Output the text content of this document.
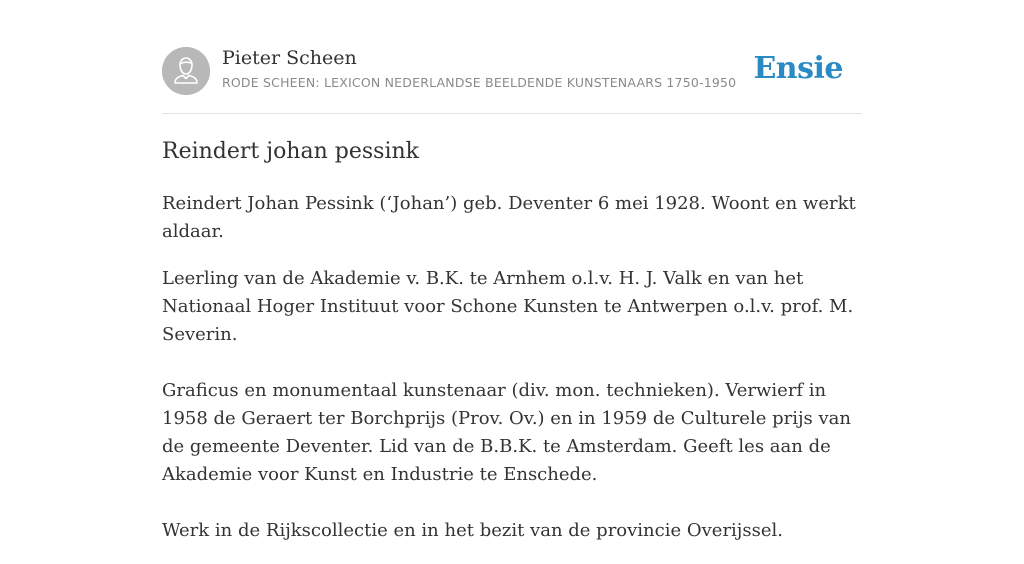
Pieter Scheen
RODE SCHEEN: LEXICON NEDERLANDSE BEELDENDE KUNSTENAARS 1750-1950 Ensie
Reindert johan pessink

Reindert Johan Pessink (‘Johan’) geb. Deventer 6 mei 1928. Woont en werkt aldaar.

Leerling van de Akademie v. B.K. te Arnhem o.l.v. H. J. Valk en van het Nationaal Hoger Instituut voor Schone Kunsten te Antwerpen o.l.v. prof. M. Severin.

Graficus en monumentaal kunstenaar (div. mon. technieken). Verwierf in 1958 de Geraert ter Borchprijs (Prov. Ov.) en in 1959 de Culturele prijs van de gemeente Deventer. Lid van de B.B.K. te Amsterdam. Geeft les aan de Akademie voor Kunst en Industrie te Enschede.

Werk in de Rijkscollectie en in het bezit van de provincie Overijssel.
